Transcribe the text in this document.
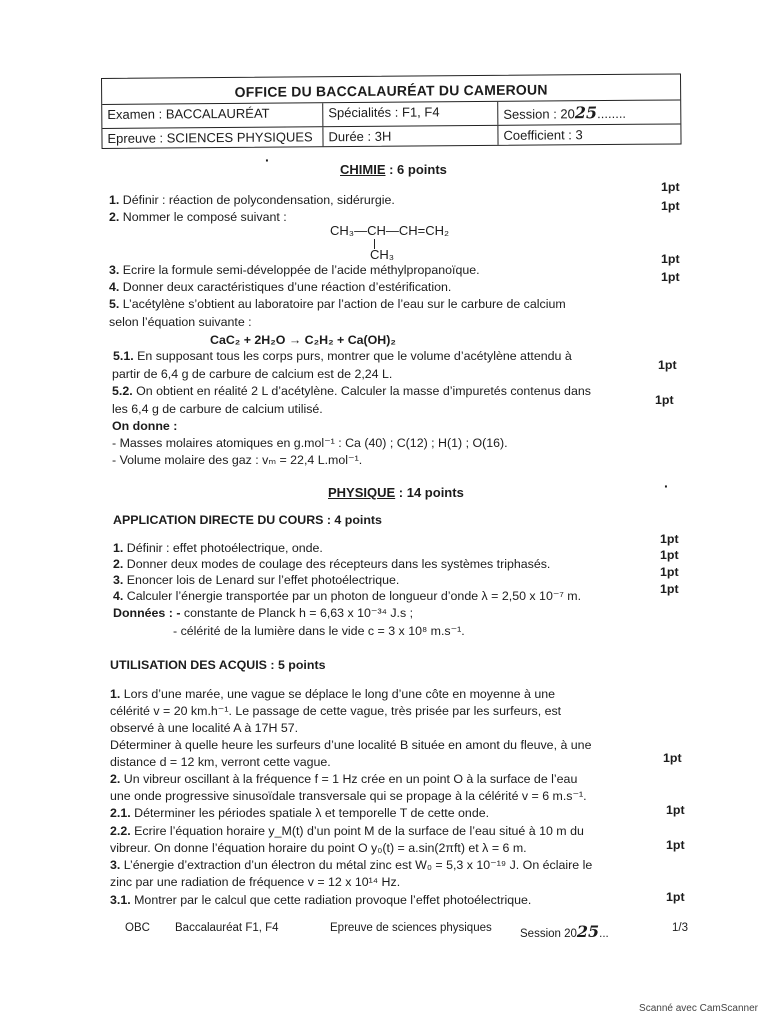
OFFICE DU BACCALAURÉAT DU CAMEROUN
Examen : BACCALAURÉAT	Spécialités : F1, F4	Session : 2025........
Epreuve : SCIENCES PHYSIQUES	Durée : 3H	Coefficient : 3
·
CHIMIE : 6 points
1. Définir : réaction de polycondensation, sidérurgie.
1pt
1pt
2. Nommer le composé suivant :
CH₃—CH—CH=CH₂
CH₃
3. Ecrire la formule semi-développée de l’acide méthylpropanoïque.
1pt
1pt
4. Donner deux caractéristiques d’une réaction d’estérification.
5. L’acétylène s’obtient au laboratoire par l’action de l’eau sur le carbure de calcium
selon l’équation suivante :
CaC₂ + 2H₂O → C₂H₂ + Ca(OH)₂
5.1. En supposant tous les corps purs, montrer que le volume d’acétylène attendu à
partir de 6,4 g de carbure de calcium est de 2,24 L.
1pt
5.2. On obtient en réalité 2 L d’acétylène. Calculer la masse d’impuretés contenus dans
les 6,4 g de carbure de calcium utilisé.
1pt
On donne :
- Masses molaires atomiques en g.mol⁻¹ : Ca (40) ; C(12) ; H(1) ; O(16).
- Volume molaire des gaz : vₘ = 22,4 L.mol⁻¹.
PHYSIQUE : 14 points	·
APPLICATION DIRECTE DU COURS : 4 points
1. Définir : effet photoélectrique, onde.
2. Donner deux modes de coulage des récepteurs dans les systèmes triphasés.
3. Enoncer lois de Lenard sur l’effet photoélectrique.
4. Calculer l’énergie transportée par un photon de longueur d’onde λ = 2,50 x 10⁻⁷ m.
1pt
1pt
1pt
1pt
Données : - constante de Planck h = 6,63 x 10⁻³⁴ J.s ;
- célérité de la lumière dans le vide c = 3 x 10⁸ m.s⁻¹.
UTILISATION DES ACQUIS : 5 points
1. Lors d’une marée, une vague se déplace le long d’une côte en moyenne à une
célérité v = 20 km.h⁻¹. Le passage de cette vague, très prisée par les surfeurs, est
observé à une localité A à 17H 57.
Déterminer à quelle heure les surfeurs d’une localité B située en amont du fleuve, à une
distance d = 12 km, verront cette vague.	1pt
2. Un vibreur oscillant à la fréquence f = 1 Hz crée en un point O à la surface de l’eau
une onde progressive sinusoïdale transversale qui se propage à la célérité v = 6 m.s⁻¹.
2.1. Déterminer les périodes spatiale λ et temporelle T de cette onde.	1pt
2.2. Ecrire l’équation horaire y_M(t) d’un point M de la surface de l’eau situé à 10 m du
vibreur. On donne l’équation horaire du point O y₀(t) = a.sin(2πft) et λ = 6 m.	1pt
3. L’énergie d’extraction d’un électron du métal zinc est W₀ = 5,3 x 10⁻¹⁹ J. On éclaire le
zinc par une radiation de fréquence v = 12 x 10¹⁴ Hz.
3.1. Montrer par le calcul que cette radiation provoque l’effet photoélectrique.	1pt
OBC Baccalauréat F1, F4	Epreuve de sciences physiques Session 2025...	1/3
Scanné avec CamScanner
